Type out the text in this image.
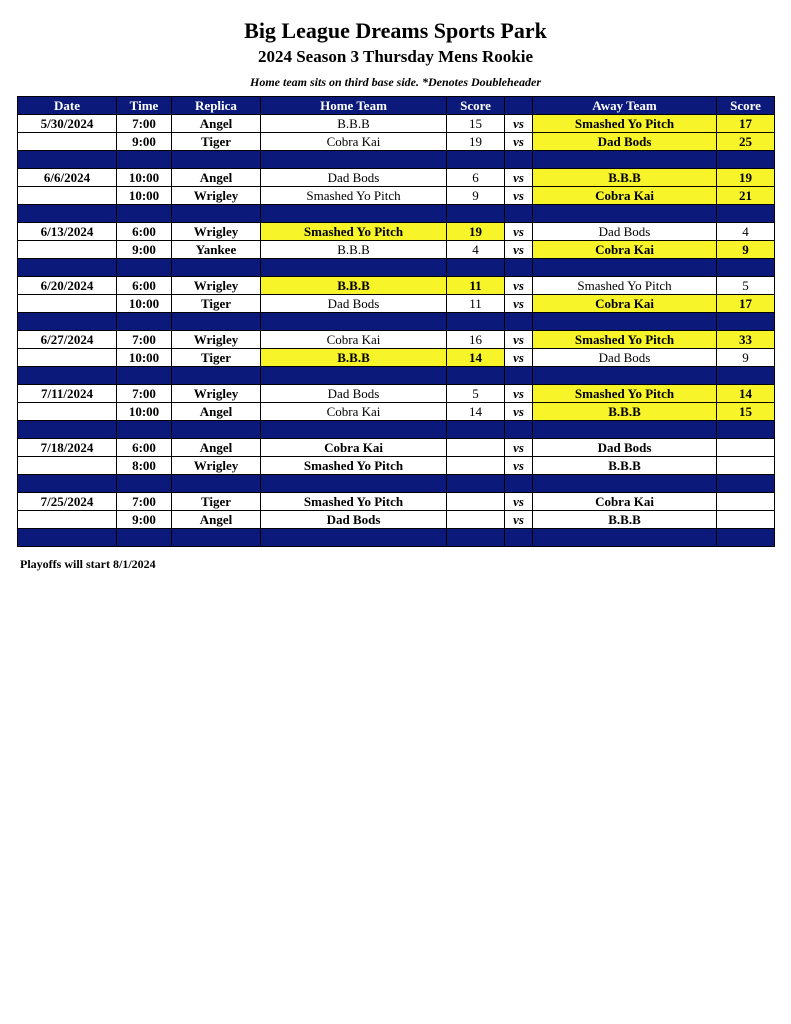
Big League Dreams Sports Park
2024 Season 3 Thursday Mens Rookie

Home team sits on third base side. *Denotes Doubleheader

Date	Time	Replica	Home Team	Score		Away Team	Score
5/30/2024	7:00	Angel	B.B.B	15	vs	Smashed Yo Pitch	17
	9:00	Tiger	Cobra Kai	19	vs	Dad Bods	25

6/6/2024	10:00	Angel	Dad Bods	6	vs	B.B.B	19
	10:00	Wrigley	Smashed Yo Pitch	9	vs	Cobra Kai	21

6/13/2024	6:00	Wrigley	Smashed Yo Pitch	19	vs	Dad Bods	4
	9:00	Yankee	B.B.B	4	vs	Cobra Kai	9

6/20/2024	6:00	Wrigley	B.B.B	11	vs	Smashed Yo Pitch	5
	10:00	Tiger	Dad Bods	11	vs	Cobra Kai	17

6/27/2024	7:00	Wrigley	Cobra Kai	16	vs	Smashed Yo Pitch	33
	10:00	Tiger	B.B.B	14	vs	Dad Bods	9

7/11/2024	7:00	Wrigley	Dad Bods	5	vs	Smashed Yo Pitch	14
	10:00	Angel	Cobra Kai	14	vs	B.B.B	15

7/18/2024	6:00	Angel	Cobra Kai		vs	Dad Bods	
	8:00	Wrigley	Smashed Yo Pitch		vs	B.B.B	

7/25/2024	7:00	Tiger	Smashed Yo Pitch		vs	Cobra Kai	
	9:00	Angel	Dad Bods		vs	B.B.B	

Playoffs will start 8/1/2024
